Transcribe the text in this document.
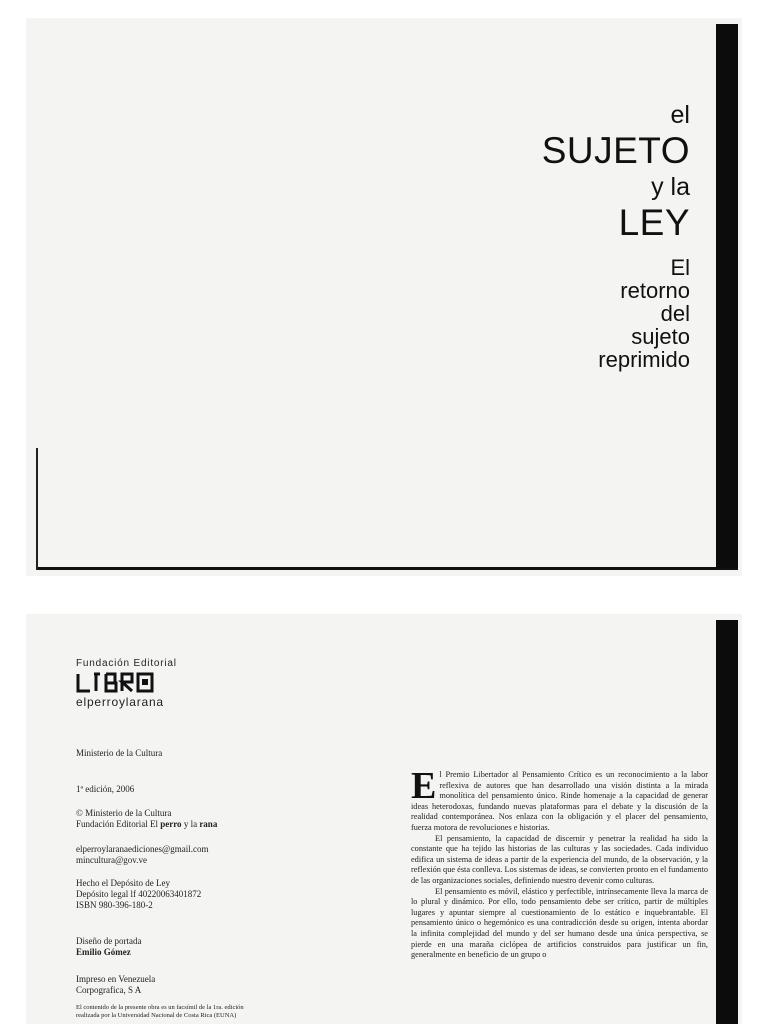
el
SUJETO
y la
LEY
El
retorno
del
sujeto
reprimido
Fundación Editorial
elperroylarana
Ministerio de la Cultura
1ª edición, 2006
© Ministerio de la Cultura
Fundación Editorial El perro y la rana
elperroylaranaediciones@gmail.com
mincultura@gov.ve
Hecho el Depósito de Ley
Depósito legal lf 40220063401872
ISBN 980-396-180-2
Diseño de portada
Emilio Gómez
Impreso en Venezuela
Corpografica, S A
El contenido de la presente obra es un facsímil de la 1ra. edición
realizada por la Universidad Nacional de Costa Rica (EUNA)

El Premio Libertador al Pensamiento Crítico es un reconocimiento a la labor reflexiva de autores que han desarrollado una visión distinta a la mirada monolítica del pensamiento único. Rinde homenaje a la capacidad de generar ideas heterodoxas, fundando nuevas plataformas para el debate y la discusión de la realidad contemporánea. Nos enlaza con la obligación y el placer del pensamiento, fuerza motora de revoluciones e historias.

El pensamiento, la capacidad de discernir y penetrar la realidad ha sido la constante que ha tejido las historias de las culturas y las sociedades. Cada individuo edifica un sistema de ideas a partir de la experiencia del mundo, de la observación, y la reflexión que ésta conlleva. Los sistemas de ideas, se convierten pronto en el fundamento de las organizaciones sociales, definiendo nuestro devenir como culturas.

El pensamiento es móvil, elástico y perfectible, intrínsecamente lleva la marca de lo plural y dinámico. Por ello, todo pensamiento debe ser crítico, partir de múltiples lugares y apuntar siempre al cuestionamiento de lo estático e inquebrantable. El pensamiento único o hegemónico es una contradicción desde su origen, intenta abordar la infinita complejidad del mundo y del ser humano desde una única perspectiva, se pierde en una maraña ciclópea de artificios construidos para justificar un fin, generalmente en beneficio de un grupo o
